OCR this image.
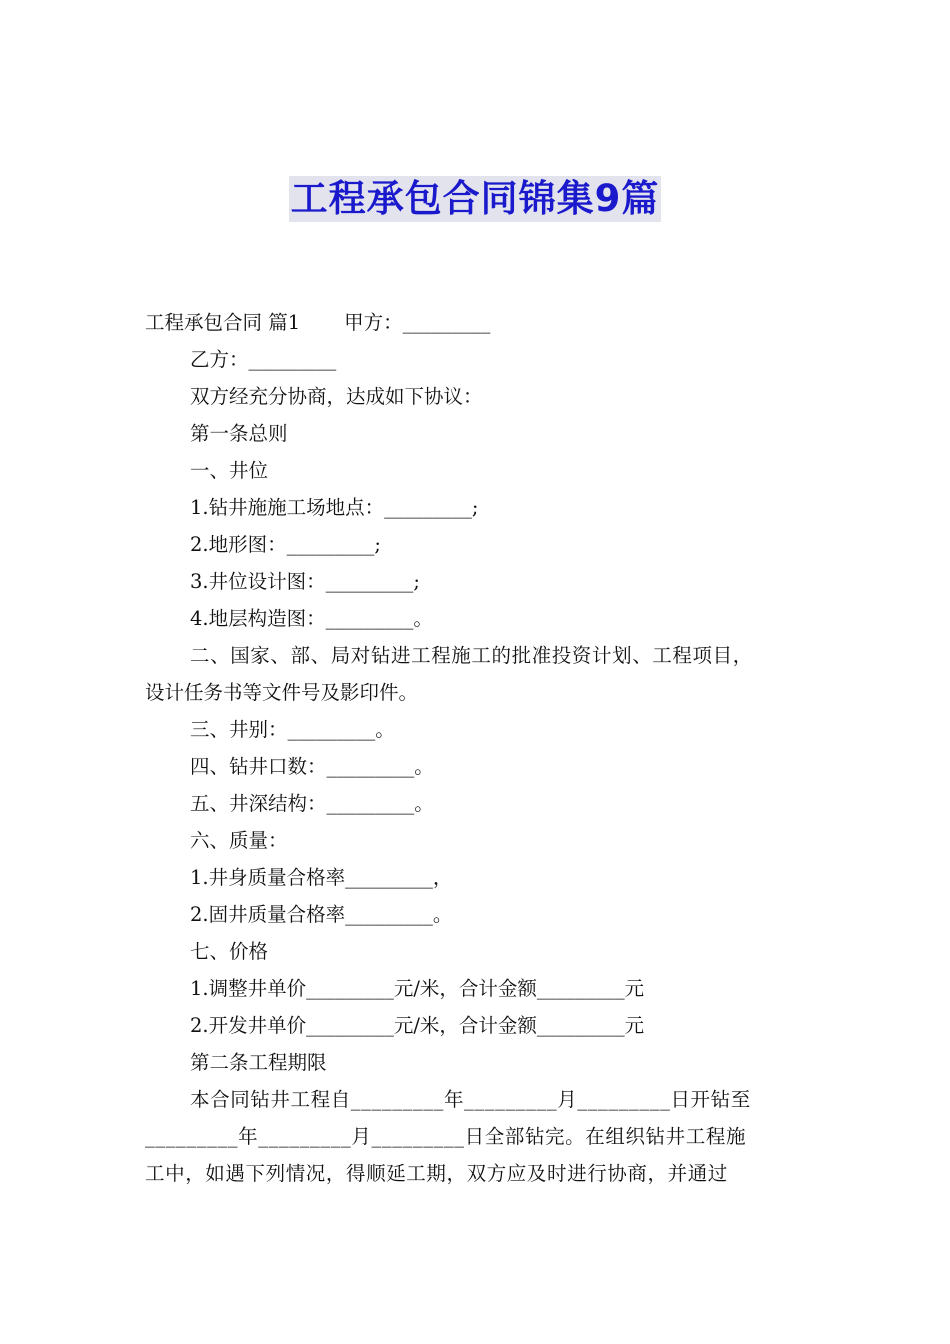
工程承包合同锦集9篇
工程承包合同 篇1 甲方：_________
乙方：_________
双方经充分协商，达成如下协议：
第一条总则
一、井位
1.钻井施施工场地点：_________;
2.地形图：_________;
3.井位设计图：_________;
4.地层构造图：_________。
二、国家、部、局对钻进工程施工的批准投资计划、工程项目，
设计任务书等文件号及影印件。
三、井别：_________。
四、钻井口数：_________。
五、井深结构：_________。
六、质量：
1.井身质量合格率_________，
2.固井质量合格率_________。
七、价格
1.调整井单价_________元/米，合计金额_________元
2.开发井单价_________元/米，合计金额_________元
第二条工程期限
本合同钻井工程自_________年_________月_________日开钻至
_________年_________月_________日全部钻完。在组织钻井工程施
工中，如遇下列情况，得顺延工期，双方应及时进行协商，并通过
